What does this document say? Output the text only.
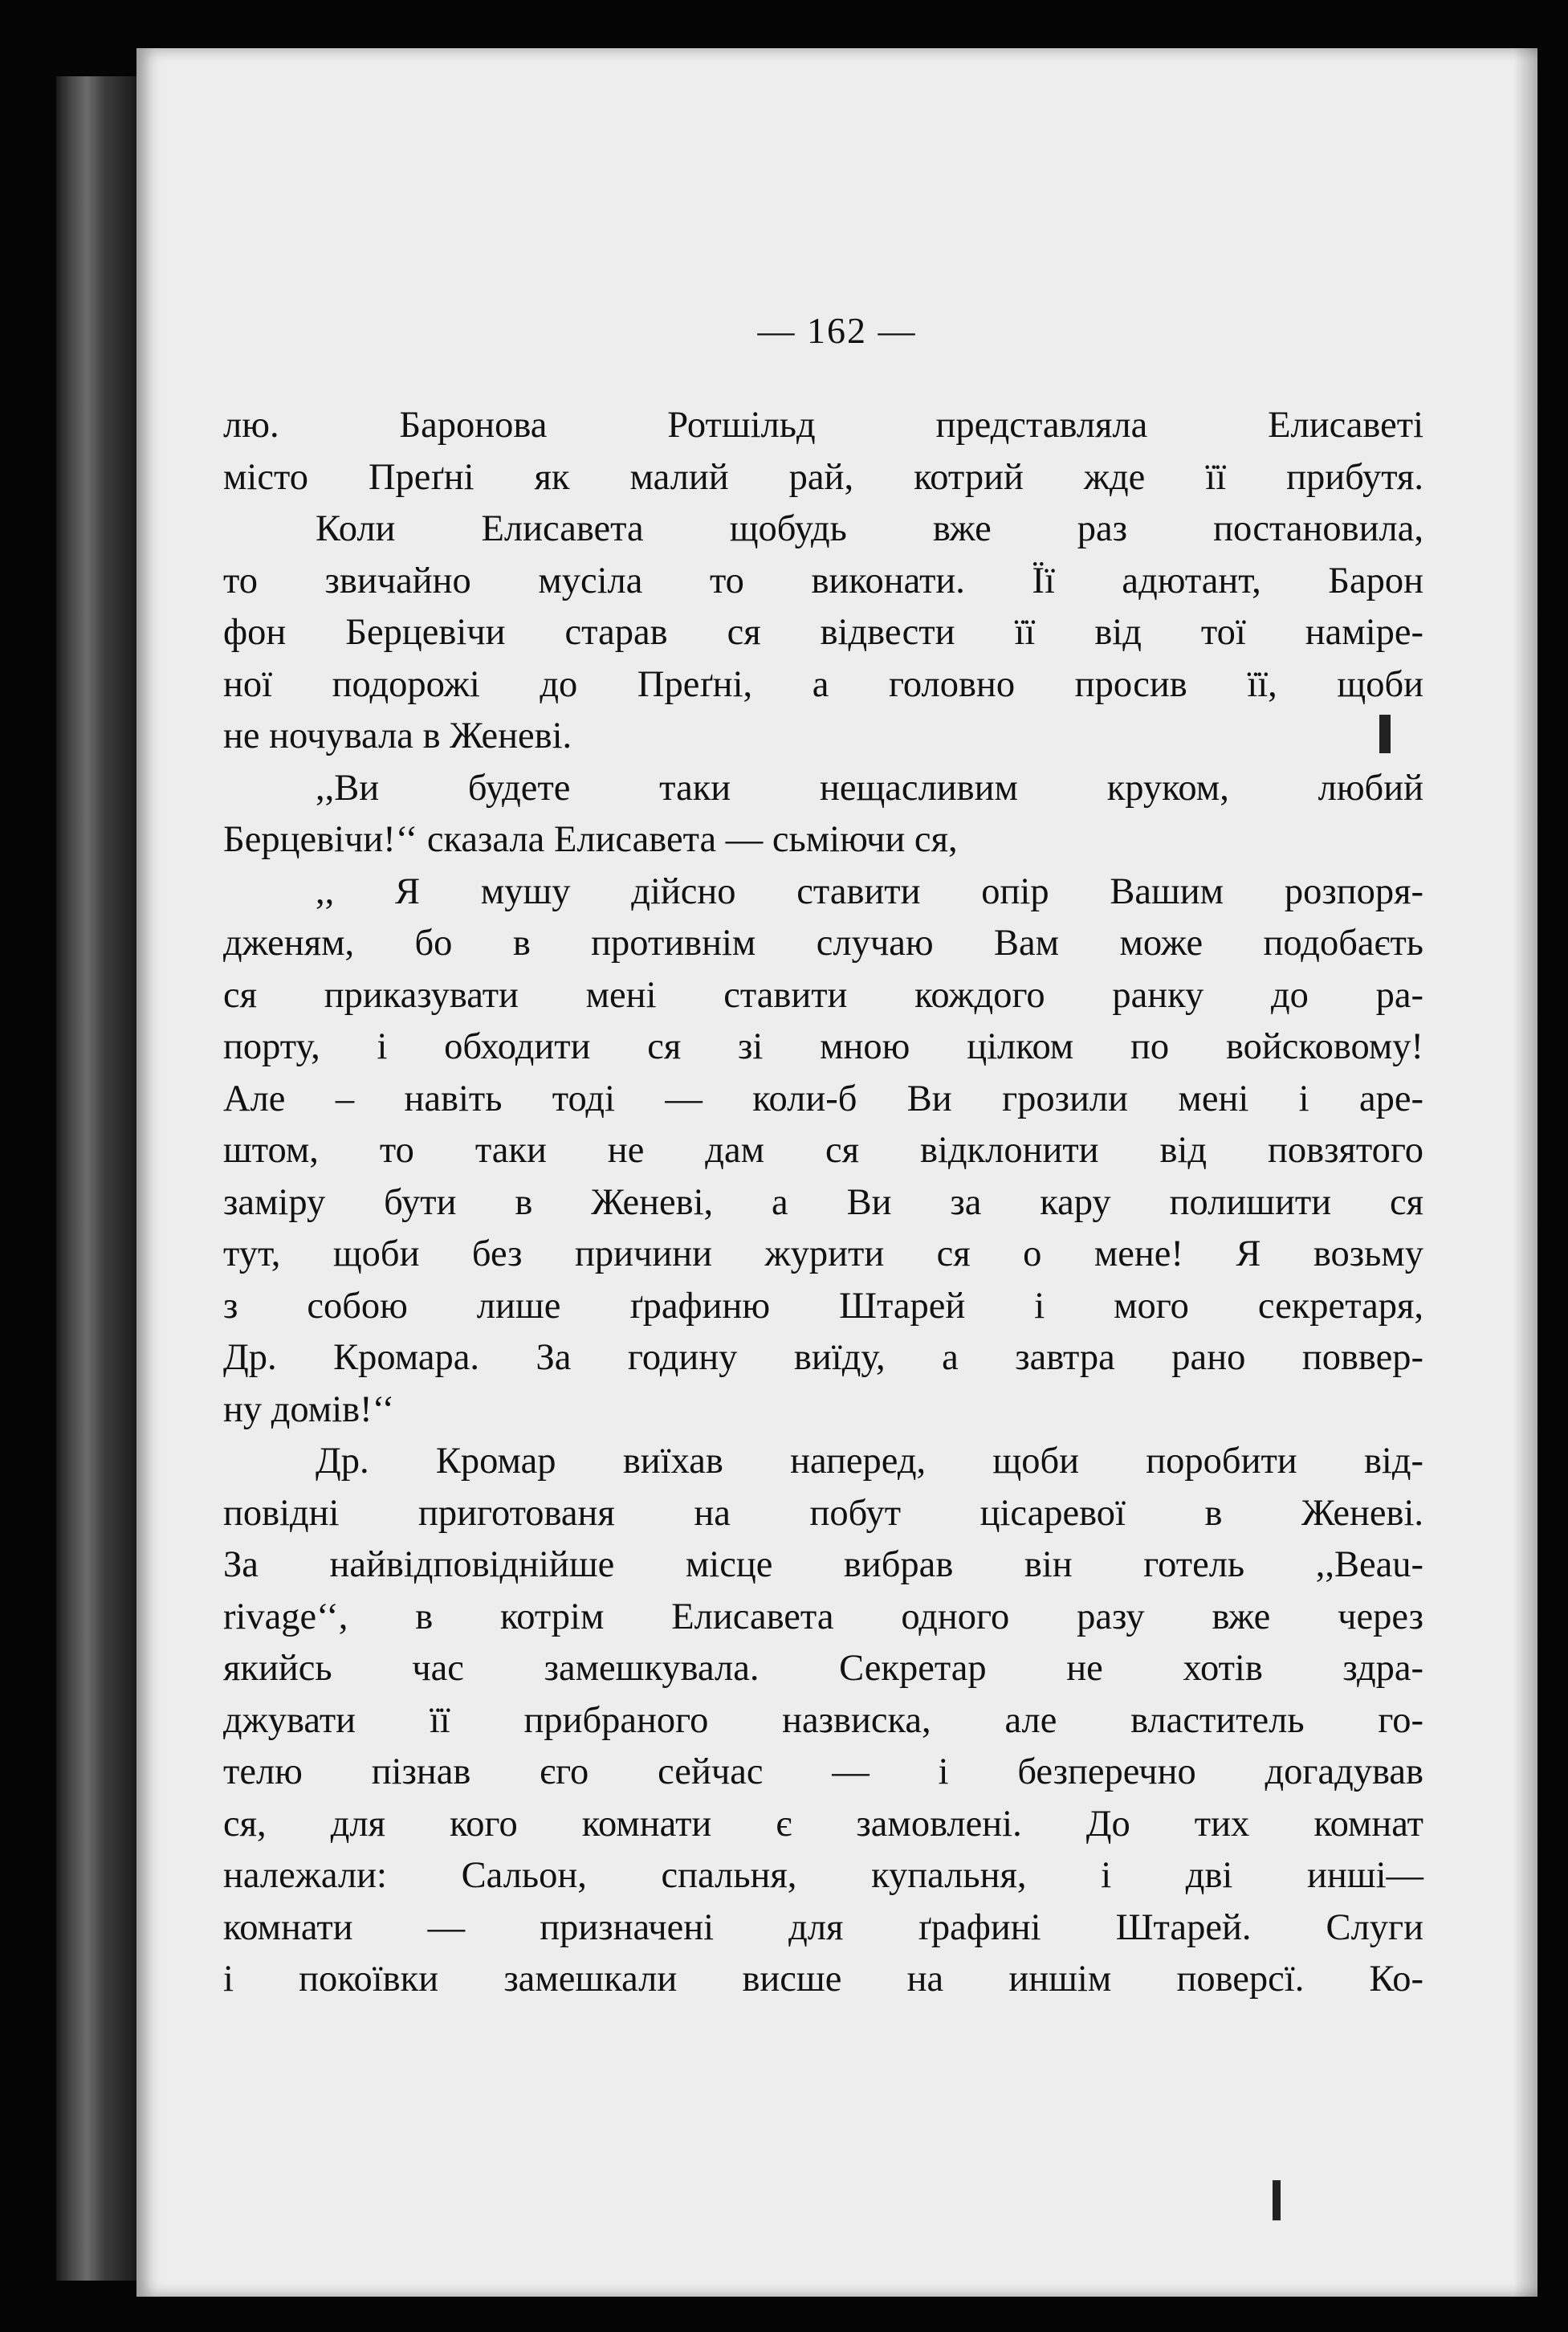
— 162 —
лю. Баронова Ротшільд представляла Елисаветі
місто Преґні як малий рай, котрий жде її прибутя.
Коли Елисавета щобудь вже раз постановила,
то звичайно мусіла то виконати. Її адютант, Барон
фон Берцевічи старав ся відвести її від тої наміре-
ної подорожі до Преґні, а головно просив її, щоби
не ночувала в Женеві.
,,Ви будете таки нещасливим круком, любий
Берцевічи!‘‘ сказала Елисавета — сьміючи ся,
,, Я мушу дійсно ставити опір Вашим розпоря-
дженям, бо в противнім случаю Вам може подобаєть
ся приказувати мені ставити кождого ранку до ра-
порту, і обходити ся зі мною цілком по войсковому!
Але – навіть тоді — коли-б Ви грозили мені і аре-
штом, то таки не дам ся відклонити від повзятого
заміру бути в Женеві, а Ви за кару полишити ся
тут, щоби без причини журити ся о мене! Я возьму
з собою лише ґрафиню Штарей і мого секретаря,
Др. Кромара. За годину виїду, а завтра рано поввер-
ну домів!‘‘
Др. Кромар виїхав наперед, щоби поробити від-
повідні приготованя на побут цісаревої в Женеві.
За найвідповіднійше місце вибрав він готель ,,Beau-
rivage‘‘, в котрім Елисавета одного разу вже через
якийсь час замешкувала. Секретар не хотів здра-
джувати її прибраного назвиска, але властитель го-
телю пізнав єго сейчас — і безперечно догадував
ся, для кого комнати є замовлені. До тих комнат
належали: Сальон, спальня, купальня, і дві инші—
комнати — призначені для ґрафині Штарей. Слуги
і покоївки замешкали висше на иншім поверсї. Ко-
